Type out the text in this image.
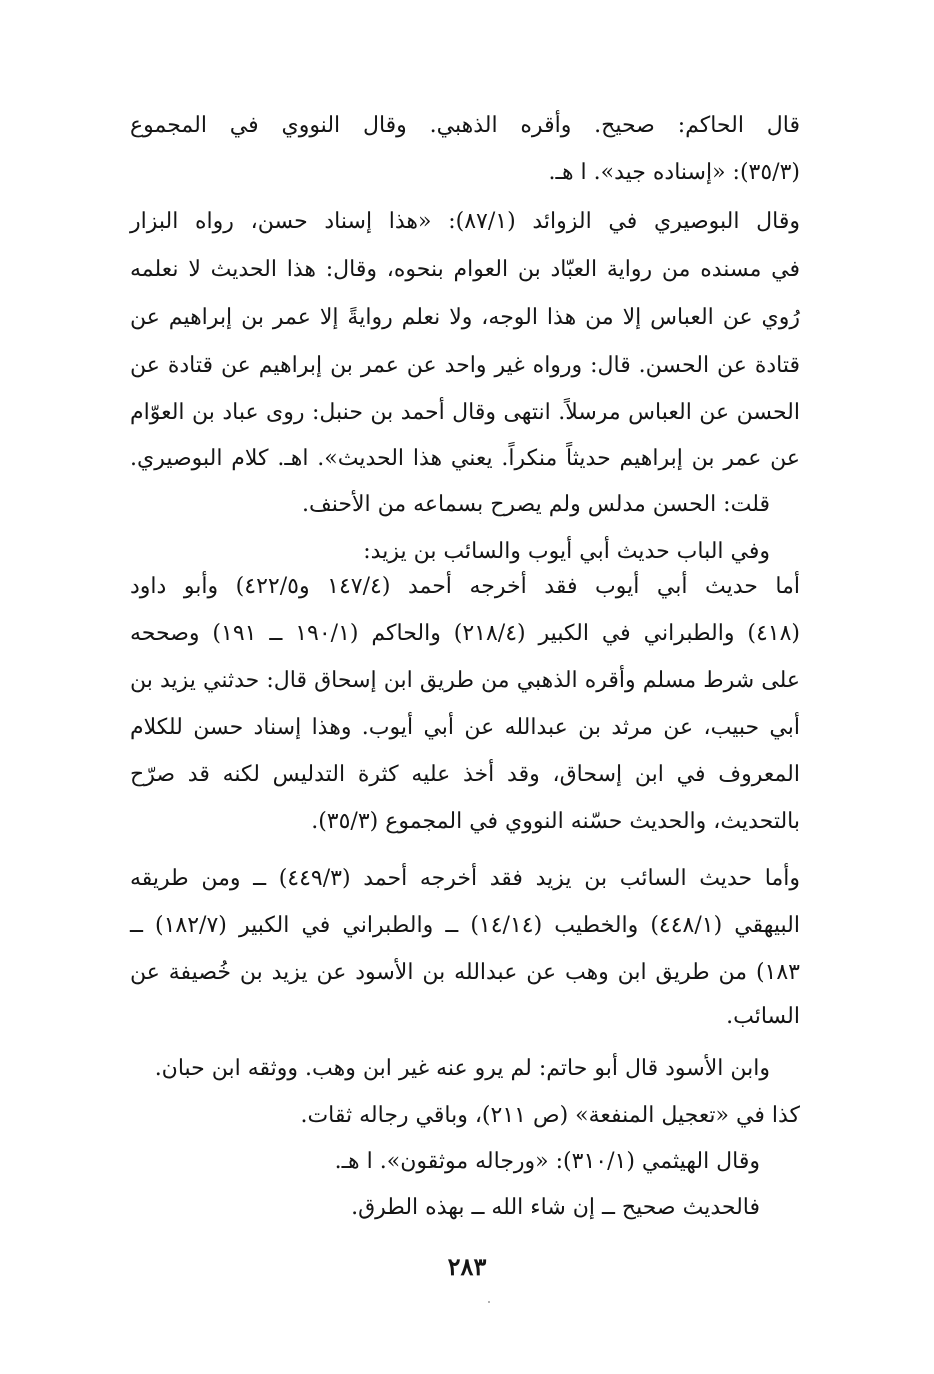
قال الحاكم: صحيح. وأقره الذهبي. وقال النووي في المجموع
(٣٥/٣): «إسناده جيد». ا هـ.
وقال البوصيري في الزوائد (٨٧/١): «هذا إسناد حسن، رواه البزار
في مسنده من رواية العبّاد بن العوام بنحوه، وقال: هذا الحديث لا نعلمه
رُوي عن العباس إلا من هذا الوجه، ولا نعلم روايةً إلا عمر بن إبراهيم عن
قتادة عن الحسن. قال: ورواه غير واحد عن عمر بن إبراهيم عن قتادة عن
الحسن عن العباس مرسلاً. انتهى وقال أحمد بن حنبل: روى عباد بن العوّام
عن عمر بن إبراهيم حديثاً منكراً. يعني هذا الحديث». اهـ. كلام البوصيري.
قلت: الحسن مدلس ولم يصرح بسماعه من الأحنف.
وفي الباب حديث أبي أيوب والسائب بن يزيد:
أما حديث أبي أيوب فقد أخرجه أحمد (١٤٧/٤ و٤٢٢/٥) وأبو داود
(٤١٨) والطبراني في الكبير (٢١٨/٤) والحاكم (١٩٠/١ ــ ١٩١) وصححه
على شرط مسلم وأقره الذهبي من طريق ابن إسحاق قال: حدثني يزيد بن
أبي حبيب، عن مرثد بن عبدالله عن أبي أيوب. وهذا إسناد حسن للكلام
المعروف في ابن إسحاق، وقد أخذ عليه كثرة التدليس لكنه قد صرّح
بالتحديث، والحديث حسّنه النووي في المجموع (٣٥/٣).
وأما حديث السائب بن يزيد فقد أخرجه أحمد (٤٤٩/٣) ــ ومن طريقه
البيهقي (٤٤٨/١) والخطيب (١٤/١٤) ــ والطبراني في الكبير (١٨٢/٧) ــ
١٨٣) من طريق ابن وهب عن عبدالله بن الأسود عن يزيد بن خُصيفة عن
السائب.
وابن الأسود قال أبو حاتم: لم يرو عنه غير ابن وهب. ووثقه ابن حبان.
كذا في «تعجيل المنفعة» (ص ٢١١)، وباقي رجاله ثقات.
وقال الهيثمي (٣١٠/١): «ورجاله موثقون». ا هـ.
فالحديث صحيح ــ إن شاء الله ــ بهذه الطرق.
٢٨٣
